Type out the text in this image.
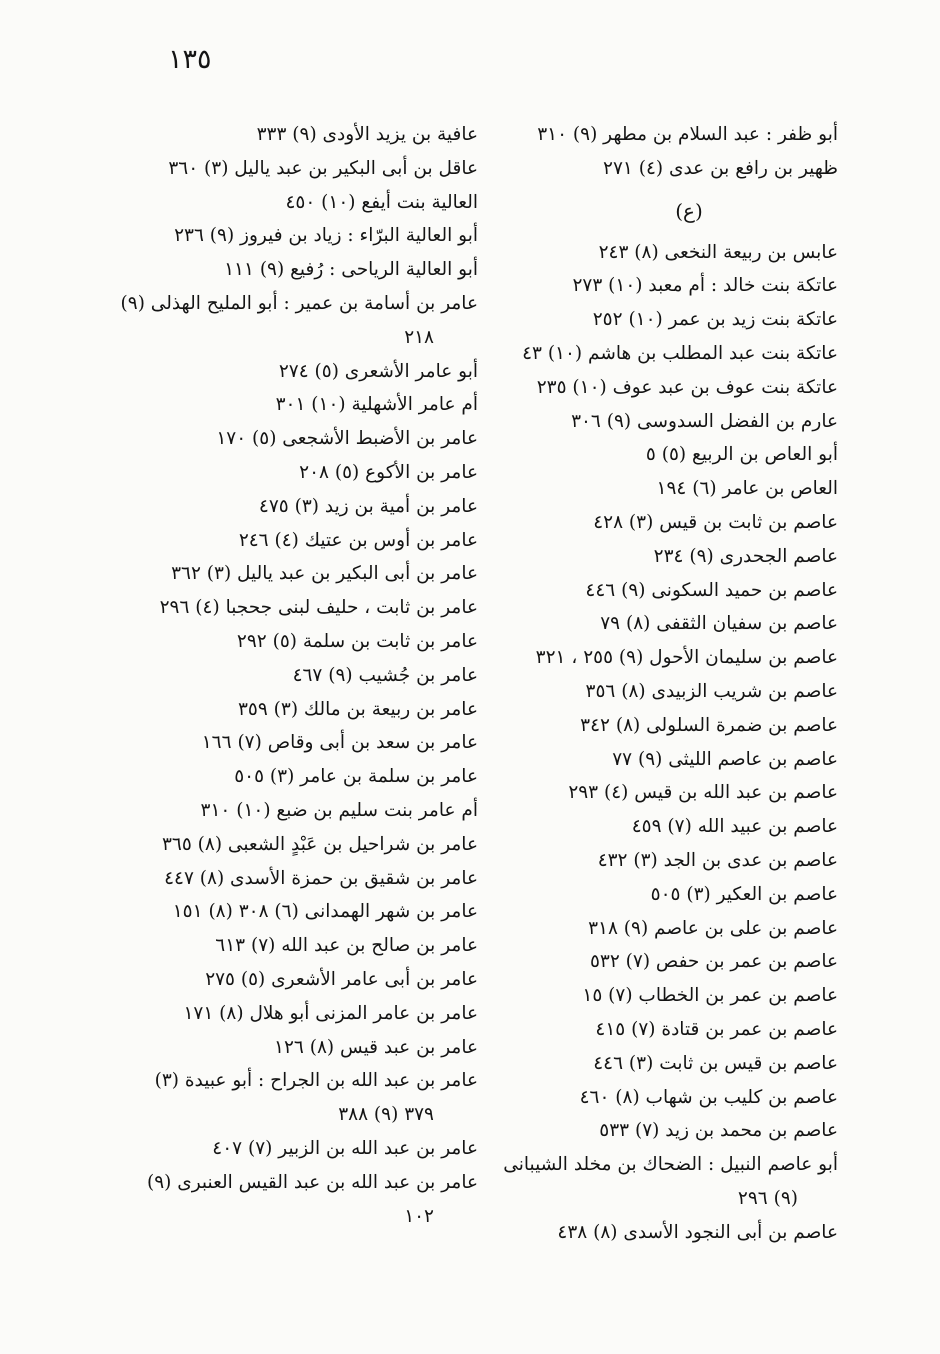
١٣٥
أبو ظفر : عبد السلام بن مطهر (٩) ٣١٠
ظهير بن رافع بن عدى (٤) ٢٧١
(ع)
عابس بن ربيعة النخعى (٨) ٢٤٣
عاتكة بنت خالد : أم معبد (١٠) ٢٧٣
عاتكة بنت زيد بن عمر (١٠) ٢٥٢
عاتكة بنت عبد المطلب بن هاشم (١٠) ٤٣
عاتكة بنت عوف بن عبد عوف (١٠) ٢٣٥
عارم بن الفضل السدوسى (٩) ٣٠٦
أبو العاص بن الربيع (٥) ٥
العاص بن عامر (٦) ١٩٤
عاصم بن ثابت بن قيس (٣) ٤٢٨
عاصم الجحدرى (٩) ٢٣٤
عاصم بن حميد السكونى (٩) ٤٤٦
عاصم بن سفيان الثقفى (٨) ٧٩
عاصم بن سليمان الأحول (٩) ٢٥٥ ، ٣٢١
عاصم بن شريب الزبيدى (٨) ٣٥٦
عاصم بن ضمرة السلولى (٨) ٣٤٢
عاصم بن عاصم الليثى (٩) ٧٧
عاصم بن عبد الله بن قيس (٤) ٢٩٣
عاصم بن عبيد الله (٧) ٤٥٩
عاصم بن عدى بن الجد (٣) ٤٣٢
عاصم بن العكير (٣) ٥٠٥
عاصم بن على بن عاصم (٩) ٣١٨
عاصم بن عمر بن حفص (٧) ٥٣٢
عاصم بن عمر بن الخطاب (٧) ١٥
عاصم بن عمر بن قتادة (٧) ٤١٥
عاصم بن قيس بن ثابت (٣) ٤٤٦
عاصم بن كليب بن شهاب (٨) ٤٦٠
عاصم بن محمد بن زيد (٧) ٥٣٣
أبو عاصم النبيل : الضحاك بن مخلد الشيبانى
(٩) ٢٩٦
عاصم بن أبى النجود الأسدى (٨) ٤٣٨
عافية بن يزيد الأودى (٩) ٣٣٣
عاقل بن أبى البكير بن عبد ياليل (٣) ٣٦٠
العالية بنت أيفع (١٠) ٤٥٠
أبو العالية البرّاء : زياد بن فيروز (٩) ٢٣٦
أبو العالية الرياحى : رُفيع (٩) ١١١
عامر بن أسامة بن عمير : أبو المليح الهذلى (٩)
٢١٨
أبو عامر الأشعرى (٥) ٢٧٤
أم عامر الأشهلية (١٠) ٣٠١
عامر بن الأضبط الأشجعى (٥) ١٧٠
عامر بن الأكوع (٥) ٢٠٨
عامر بن أمية بن زيد (٣) ٤٧٥
عامر بن أوس بن عتيك (٤) ٢٤٦
عامر بن أبى البكير بن عبد ياليل (٣) ٣٦٢
عامر بن ثابت ، حليف لبنى جحجبا (٤) ٢٩٦
عامر بن ثابت بن سلمة (٥) ٢٩٢
عامر بن جُشيب (٩) ٤٦٧
عامر بن ربيعة بن مالك (٣) ٣٥٩
عامر بن سعد بن أبى وقاص (٧) ١٦٦
عامر بن سلمة بن عامر (٣) ٥٠٥
أم عامر بنت سليم بن ضبع (١٠) ٣١٠
عامر بن شراحيل بن عَبْدٍ الشعبى (٨) ٣٦٥
عامر بن شقيق بن حمزة الأسدى (٨) ٤٤٧
عامر بن شهر الهمدانى (٦) ٣٠٨ (٨) ١٥١
عامر بن صالح بن عبد الله (٧) ٦١٣
عامر بن أبى عامر الأشعرى (٥) ٢٧٥
عامر بن عامر المزنى أبو هلال (٨) ١٧١
عامر بن عبد قيس (٨) ١٢٦
عامر بن عبد الله بن الجراح : أبو عبيدة (٣)
٣٧٩ (٩) ٣٨٨
عامر بن عبد الله بن الزبير (٧) ٤٠٧
عامر بن عبد الله بن عبد القيس العنبرى (٩)
١٠٢
